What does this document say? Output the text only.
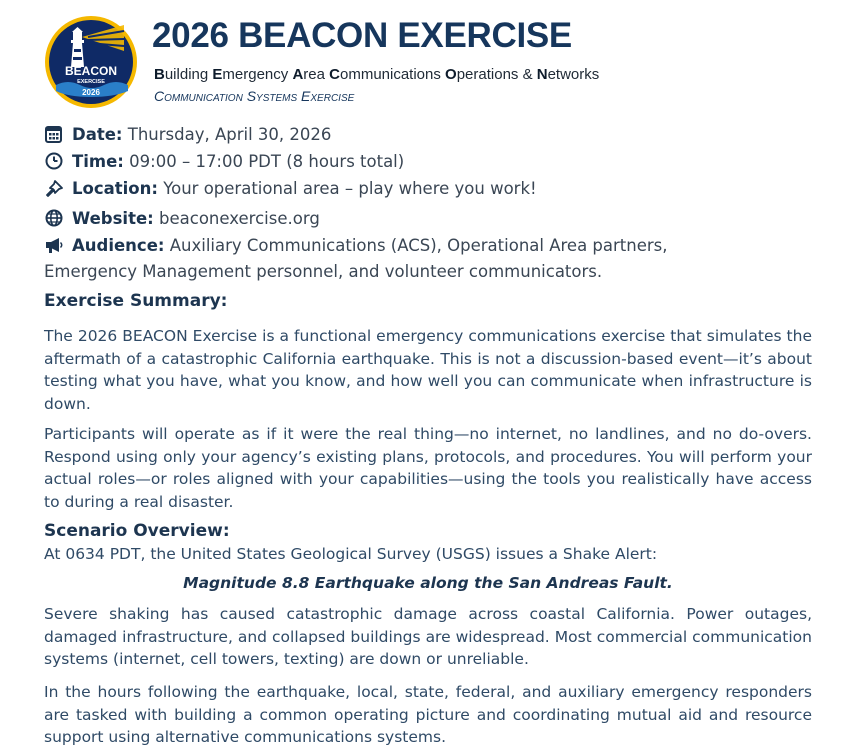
BEACON
EXERCISE
2026
2026 BEACON EXERCISE
Building Emergency Area Communications Operations & Networks
Communication Systems Exercise
Date: Thursday, April 30, 2026
Time: 09:00 – 17:00 PDT (8 hours total)
Location: Your operational area – play where you work!
Website: beaconexercise.org
Audience: Auxiliary Communications (ACS), Operational Area partners,
Emergency Management personnel, and volunteer communicators.
Exercise Summary:
The 2026 BEACON Exercise is a functional emergency communications exercise that simulates the aftermath of a catastrophic California earthquake. This is not a discussion-based event—it’s about testing what you have, what you know, and how well you can communicate when infrastructure is down.
Participants will operate as if it were the real thing—no internet, no landlines, and no do-overs. Respond using only your agency’s existing plans, protocols, and procedures. You will perform your actual roles—or roles aligned with your capabilities—using the tools you realistically have access to during a real disaster.
Scenario Overview:
At 0634 PDT, the United States Geological Survey (USGS) issues a Shake Alert:
Magnitude 8.8 Earthquake along the San Andreas Fault.
Severe shaking has caused catastrophic damage across coastal California. Power outages, damaged infrastructure, and collapsed buildings are widespread. Most commercial communication systems (internet, cell towers, texting) are down or unreliable.
In the hours following the earthquake, local, state, federal, and auxiliary emergency responders are tasked with building a common operating picture and coordinating mutual aid and resource support using alternative communications systems.
